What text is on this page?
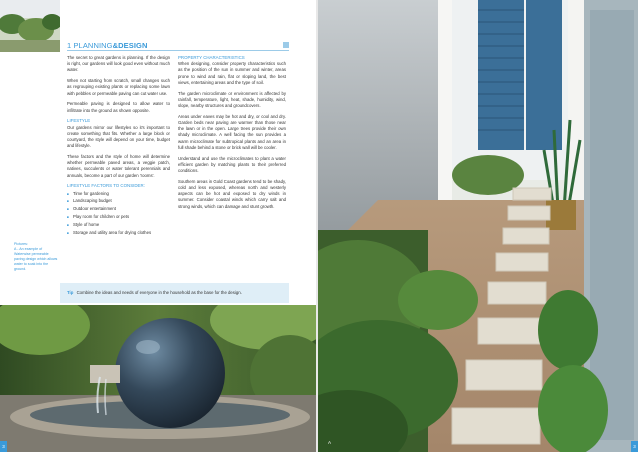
1 PLANNING&DESIGN

The secret to great gardens is planning. If the design is right, our gardens will look good even without much water.

When not starting from scratch, small changes such as regrouping existing plants or replacing some lawn with pebbles or permeable paving can cut water use.

Permeable paving is designed to allow water to infiltrate into the ground as shown opposite.

LIFESTYLE

Our gardens mirror our lifestyles so it's important to create something that fits. Whether a large block or courtyard, the style will depend on your time, budget and lifestyle.

These factors and the style of home will determine whether permeable paved areas, a veggie patch, natives, succulents or water tolerant perennials and annuals, become a part of our garden 'rooms'.

LIFESTYLE FACTORS TO CONSIDER:
■ Time for gardening
■ Landscaping budget
■ Outdoor entertainment
■ Play room for children or pets
■ Style of home
■ Storage and utility area for drying clothes
PROPERTY CHARACTERISTICS

When designing, consider property characteristics such as the position of the sun in summer and winter, areas prone to wind and rain, flat or sloping land, the best views, entertaining areas and the type of soil.

The garden microclimate or environment is affected by rainfall, temperature, light, heat, shade, humidity, wind, slope, nearby structures and groundcovers.

Areas under eaves may be hot and dry, or cool and dry. Garden beds near paving are warmer than those near the lawn or in the open. Large trees provide their own shady microclimate. A well facing the sun provides a warm microclimate for subtropical plants and an area in full shade behind a stone or brick wall will be cooler.

Understand and use the microclimates to plant a water efficient garden by matching plants to their preferred conditions.

Southern areas in Gold Coast gardens tend to be shady, cold and less exposed, whereas north and westerly aspects can be hot and exposed to dry winds in summer. Consider coastal winds which carry salt and strong winds, which can damage and stunt growth.

Pictures:
A - An example of Waterwise permeable paving design which allows water to soak into the ground.
Tip Combine the ideas and needs of everyone in the household as the base for the design.
3
A
3
